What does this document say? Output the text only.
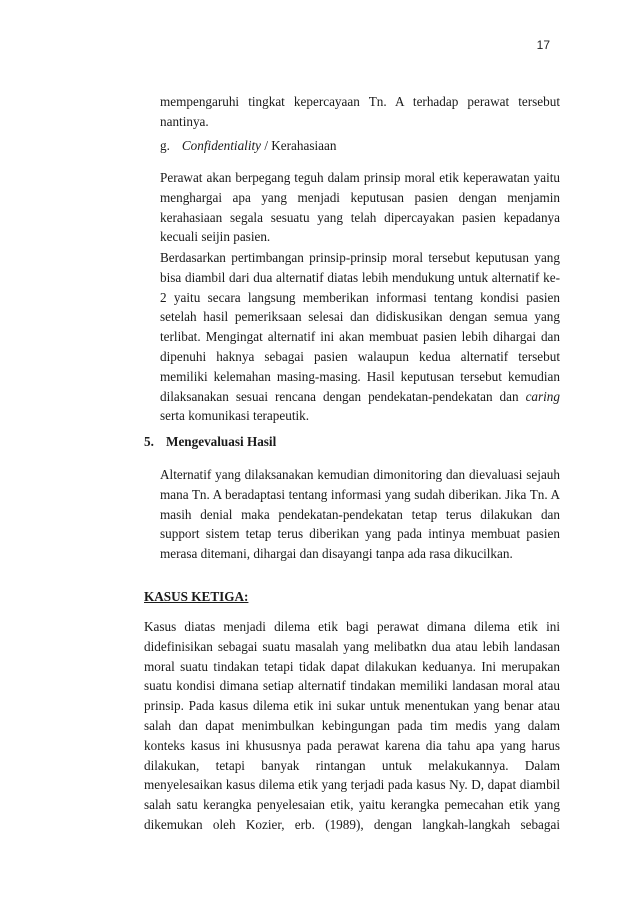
17

mempengaruhi tingkat kepercayaan Tn. A terhadap perawat tersebut nantinya.

g. Confidentiality / Kerahasiaan

Perawat akan berpegang teguh dalam prinsip moral etik keperawatan yaitu menghargai apa yang menjadi keputusan pasien dengan menjamin kerahasiaan segala sesuatu yang telah dipercayakan pasien kepadanya kecuali seijin pasien.

Berdasarkan pertimbangan prinsip-prinsip moral tersebut keputusan yang bisa diambil dari dua alternatif diatas lebih mendukung untuk alternatif ke-2 yaitu secara langsung memberikan informasi tentang kondisi pasien setelah hasil pemeriksaan selesai dan didiskusikan dengan semua yang terlibat. Mengingat alternatif ini akan membuat pasien lebih dihargai dan dipenuhi haknya sebagai pasien walaupun kedua alternatif tersebut memiliki kelemahan masing-masing. Hasil keputusan tersebut kemudian dilaksanakan sesuai rencana dengan pendekatan-pendekatan dan caring serta komunikasi terapeutik.

5. Mengevaluasi Hasil

Alternatif yang dilaksanakan kemudian dimonitoring dan dievaluasi sejauh mana Tn. A beradaptasi tentang informasi yang sudah diberikan. Jika Tn. A masih denial maka pendekatan-pendekatan tetap terus dilakukan dan support sistem tetap terus diberikan yang pada intinya membuat pasien merasa ditemani, dihargai dan disayangi tanpa ada rasa dikucilkan.

KASUS KETIGA:

Kasus diatas menjadi dilema etik bagi perawat dimana dilema etik ini didefinisikan sebagai suatu masalah yang melibatkn dua atau lebih landasan moral suatu tindakan tetapi tidak dapat dilakukan keduanya. Ini merupakan suatu kondisi dimana setiap alternatif tindakan memiliki landasan moral atau prinsip. Pada kasus dilema etik ini sukar untuk menentukan yang benar atau salah dan dapat menimbulkan kebingungan pada tim medis yang dalam konteks kasus ini khususnya pada perawat karena dia tahu apa yang harus dilakukan, tetapi banyak rintangan untuk melakukannya. Dalam menyelesaikan kasus dilema etik yang terjadi pada kasus Ny. D, dapat diambil salah satu kerangka penyelesaian etik, yaitu kerangka pemecahan etik yang dikemukan oleh Kozier, erb. (1989), dengan langkah-langkah sebagai
